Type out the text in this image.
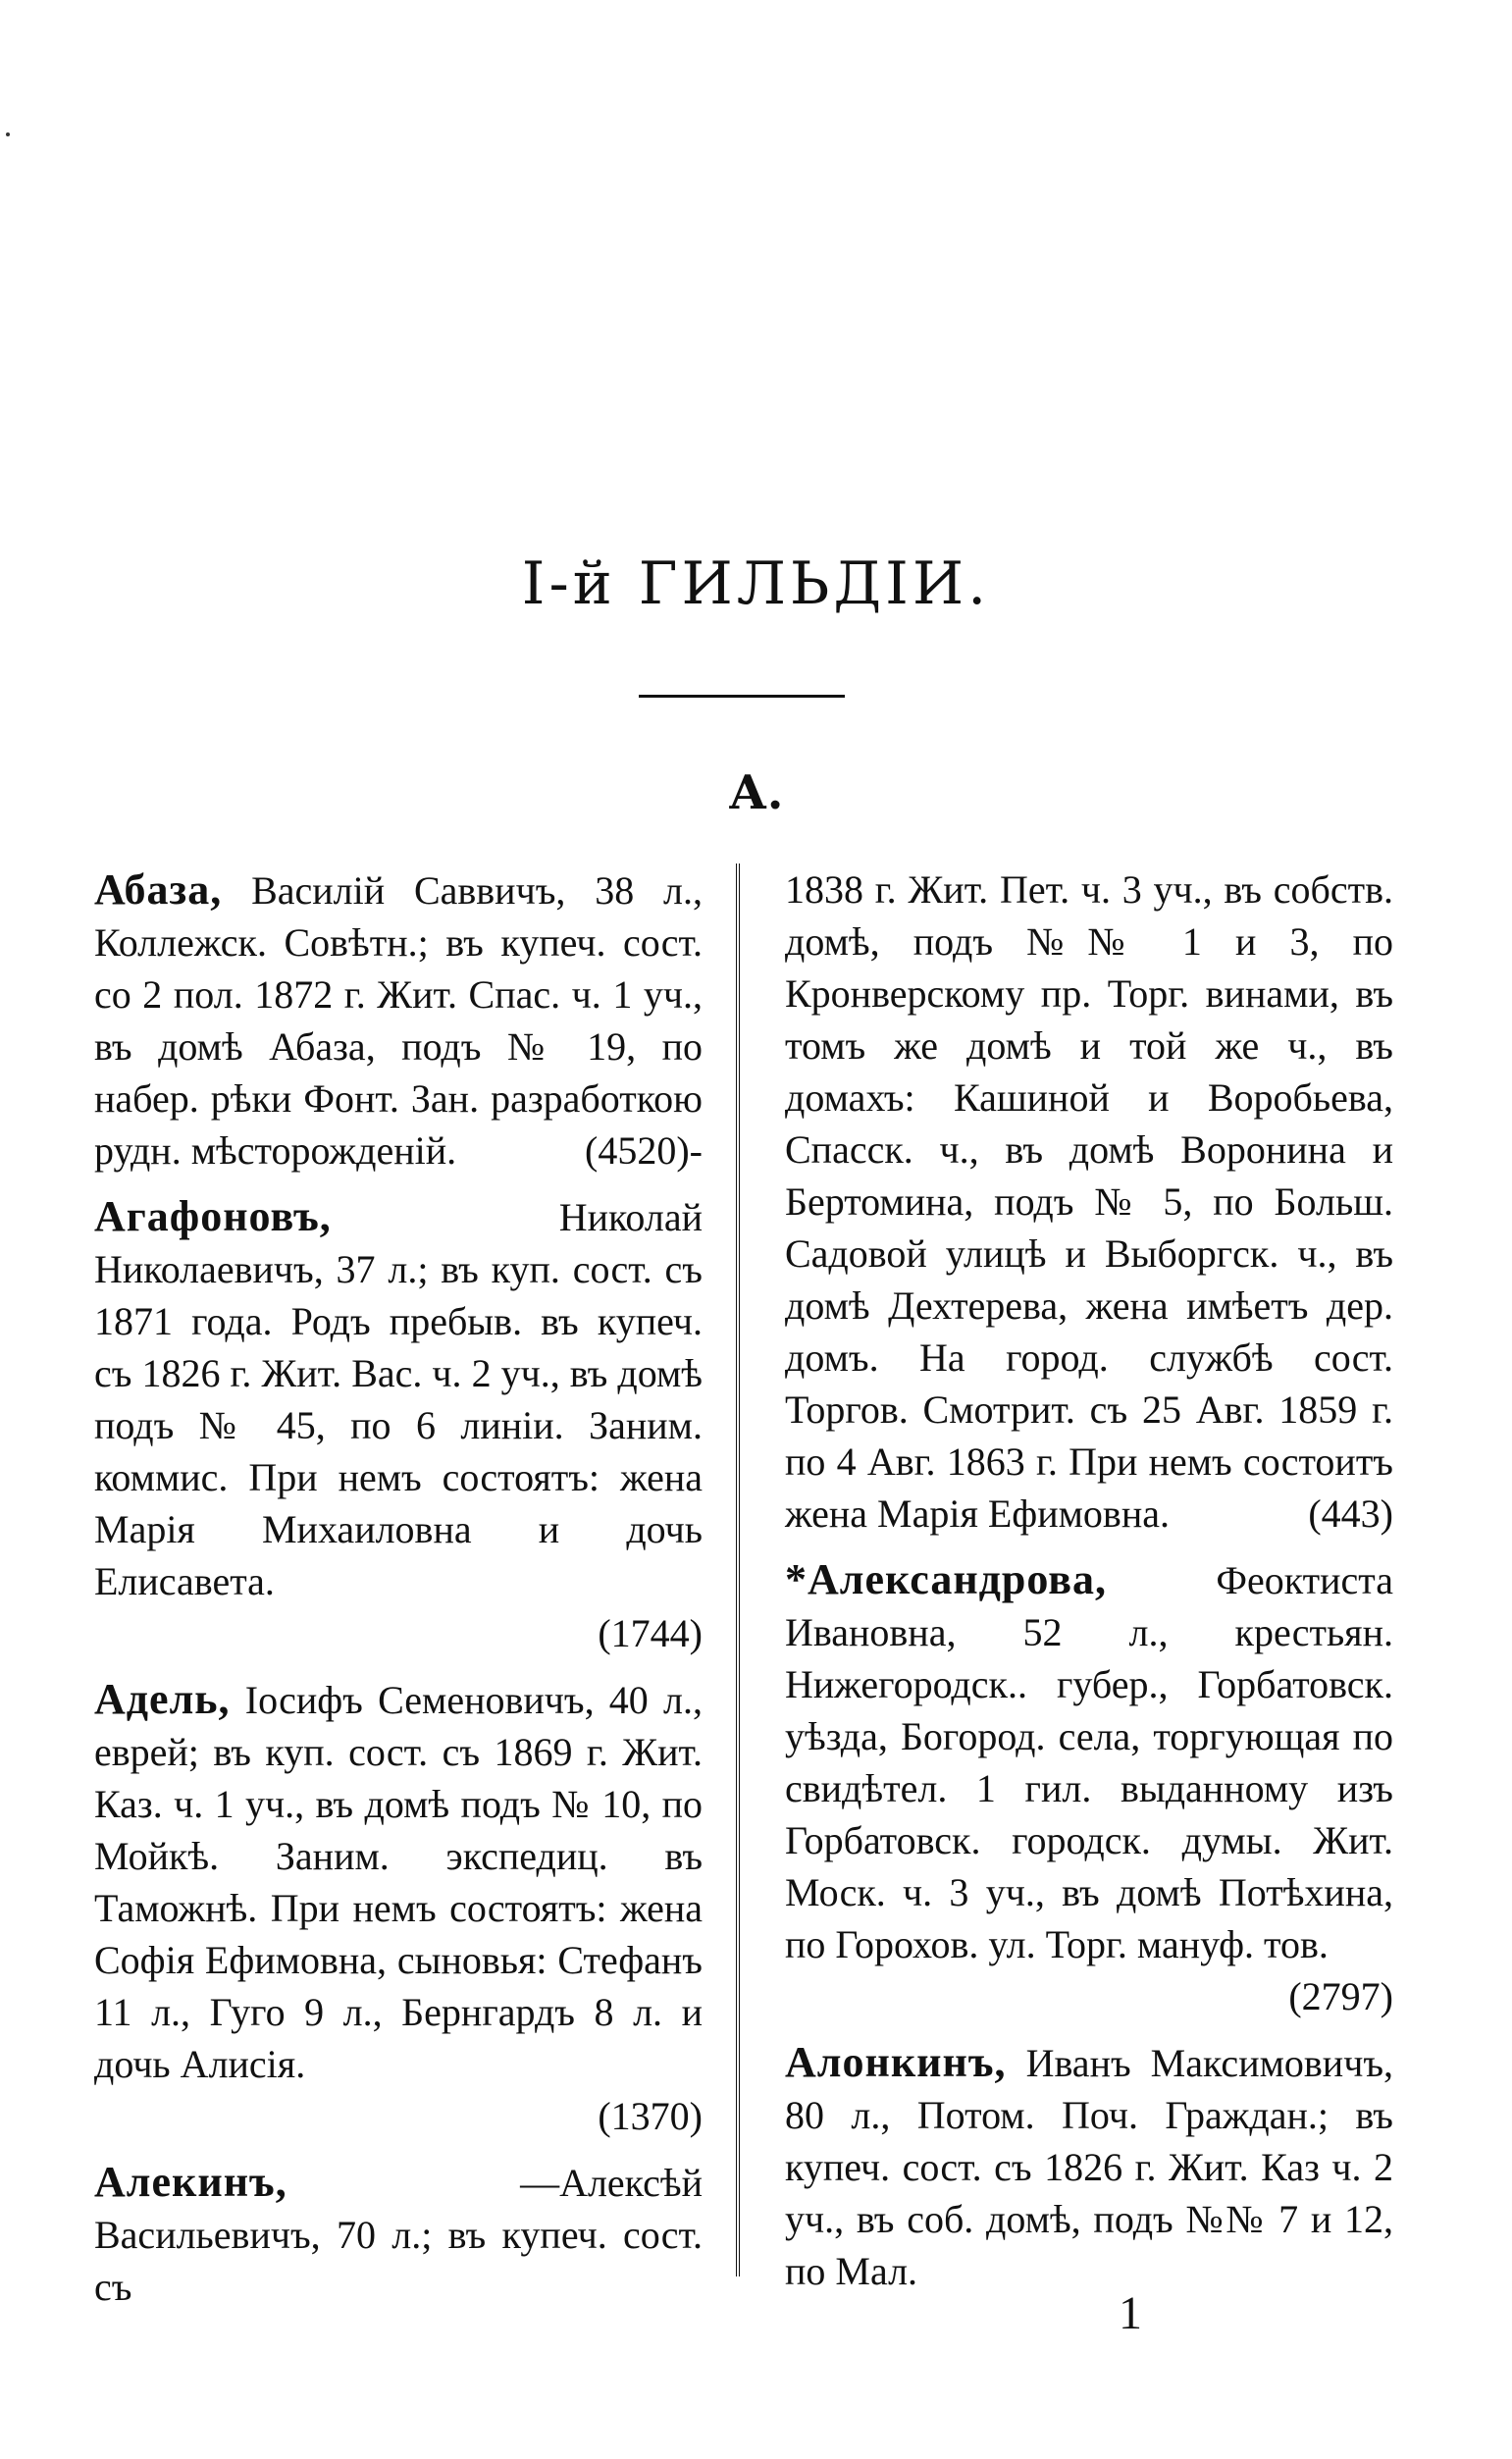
I-й ГИЛЬДIИ.
А.
Абаза, Василій Саввичъ, 38 л., Коллежск. Совѣтн.; въ купеч. сост. со 2 пол. 1872 г. Жит. Спас. ч. 1 уч., въ домѣ Абаза, подъ № 19, по набер. рѣки Фонт. Зан. разработкою рудн. мѣсторожденій.	(4520)-
Агафоновъ,	Николай Николаевичъ, 37 л.; въ куп. сост. съ 1871 года. Родъ пребыв. въ купеч. съ 1826 г. Жит. Вас. ч. 2 уч., въ домѣ подъ № 45, по 6 линіи. Заним. коммис. При немъ состоятъ: жена Марія Михаиловна и дочь Елисавета.
(1744)
Адель, Іосифъ Семеновичъ, 40 л., еврей; въ куп. сост. съ 1869 г. Жит. Каз. ч. 1 уч., въ домѣ подъ № 10, по Мойкѣ. Заним. экспедиц. въ Таможнѣ. При немъ состоятъ: жена Софія Ефимовна, сыновья: Стефанъ 11 л., Гуго 9 л., Бернгардъ 8 л. и дочь Алисія.
(1370)
Алекинъ,	—Алексѣй Васильевичъ, 70 л.; въ купеч. сост. съ
1838 г. Жит. Пет. ч. 3 уч., въ собств. домѣ, подъ №№ 1 и 3, по Кронверскому пр. Торг. винами, въ томъ же домѣ и той же ч., въ домахъ: Кашиной и Воробьева, Спасск. ч., въ домѣ Воронина и Бертомина, подъ № 5, по Больш. Садовой улицѣ и Выборгск. ч., въ домѣ Дехтерева, жена имѣетъ дер. домъ. На город. службѣ сост. Торгов. Смотрит. съ 25 Авг. 1859 г. по 4 Авг. 1863 г. При немъ состоитъ жена Марія Ефимовна.	(443)
*Александрова,	Феоктиста Ивановна, 52 л., крестьян. Нижегородск.. губер., Горбатовск. уѣзда, Богород. села, торгующая по свидѣтел. 1 гил. выданному изъ Горбатовск. городск. думы. Жит. Моск. ч. 3 уч., въ домѣ Потѣхина, по Горохов. ул. Торг. мануф. тов.
(2797)
Алонкинъ, Иванъ Максимовичъ, 80 л., Потом. Поч. Граждан.; въ купеч. сост. съ 1826 г. Жит. Каз ч. 2 уч., въ соб. домѣ, подъ №№ 7 и 12, по Мал.
1
